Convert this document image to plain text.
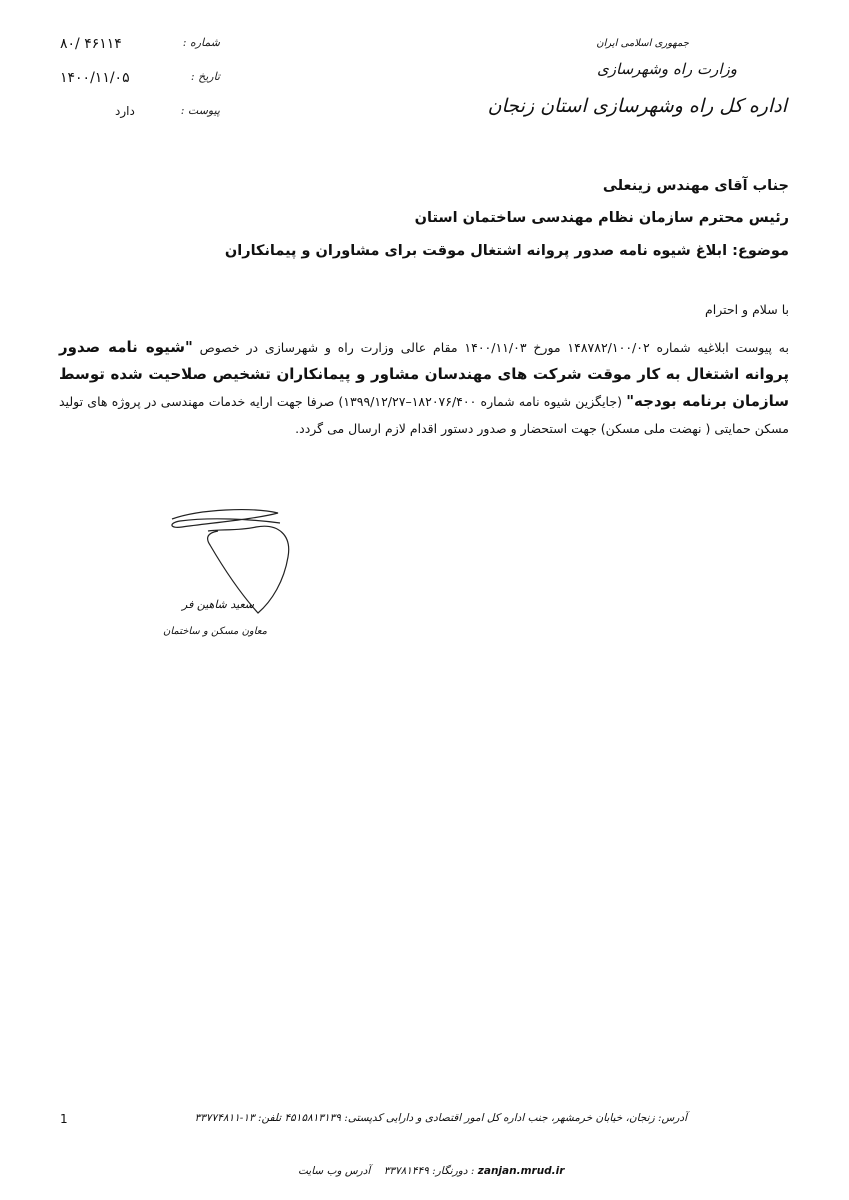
جمهوری اسلامی ایران
وزارت راه وشهرسازی
اداره کل راه وشهرسازی استان زنجان
شماره :
۸۰/ ۴۶۱۱۴
تاریخ :
۱۴۰۰/۱۱/۰۵
پیوست :
دارد
جناب آقای مهندس زینعلی
رئیس محترم سازمان نظام مهندسی ساختمان استان
موضوع: ابلاغ شیوه نامه صدور پروانه اشتغال موقت برای مشاوران و پیمانکاران
با سلام و احترام
به پیوست ابلاغیه شماره ۱۴۸۷۸۲/۱۰۰/۰۲ مورخ ۱۴۰۰/۱۱/۰۳ مقام عالی وزارت راه و شهرسازی در خصوص "شیوه نامه صدور پروانه اشتغال به کار موقت شرکت های مهندسان مشاور و پیمانکاران تشخیص صلاحیت شده توسط سازمان برنامه بودجه" (جایگزین شیوه نامه شماره ۱۸۲۰۷۶/۴۰۰–۱۳۹۹/۱۲/۲۷) صرفا جهت ارایه خدمات مهندسی در پروژه های تولید مسکن حمایتی ( نهضت ملی مسکن) جهت استحضار و صدور دستور اقدام لازم ارسال می گردد.
سعید شاهین فر
معاون مسکن و ساختمان
1	آدرس: زنجان، خیابان خرمشهر، جنب اداره کل امور اقتصادی و دارایی کدپستی: ۴۵۱۵۸۱۳۱۳۹ تلفن: ۱۳-۳۳۷۷۴۸۱۱
دورنگار: ۳۳۷۸۱۴۴۹    آدرس وب سایت : zanjan.mrud.ir
